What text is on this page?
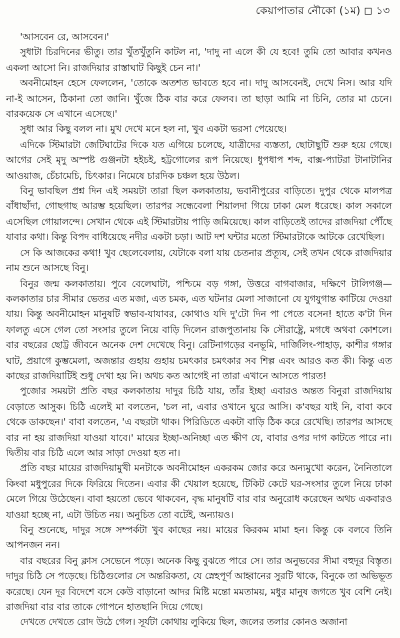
কেয়াপাতার নৌকো (১ম) ◻ ১৩

'আসবেন রে, আসবেন।'

সুধাটা চিরদিনের ভীতু। তার খুঁতখুঁতুনি কাটল না, 'দাদু না এলে কী যে হবে! তুমি তো আবার কখনও একলা আসো নি। রাজদিয়ার রাস্তাঘাট কিছুই চেন না।'

অবনীমোহন হেসে ফেললেন, 'তোকে অতশত ভাবতে হবে না। দাদু আসবেনই, দেখে নিস। আর যদি না-ই আসেন, ঠিকানা তো জানি। খুঁজে ঠিক বার করে ফেলব। তা ছাড়া আমি না চিনি, তোর মা চেনে। বারকয়েক সে এখানে এসেছে।'

সুধা আর কিছু বলল না। মুখ দেখে মনে হল না, খুব একটা ভরসা পেয়েছে।

এদিকে স্টিমারটা জেটিঘাটের দিকে যত এগিয়ে চলেছে, যাত্রীদের ব্যস্ততা, ছোটাছুটি শুরু হয়ে গেছে। আগের সেই মৃদু অস্পষ্ট গুঞ্জনটা হইচই, হট্টগোলের রূপ নিয়েছে। ধুপধাপ শব্দ, বাক্স-প্যাটরা টানাটানির আওয়াজ, চেঁচামেচি, চিৎকার। নিমেষে চারদিক চঞ্চল হয়ে উঠল।

বিনু ভাবছিল প্রশ্ন দিন এই সময়টা তারা ছিল কলকাতায়, ভবানীপুরের বাড়িতে। দুপুর থেকে মালপত্র বাঁধাছাঁদা, গোছগাছ আরম্ভ হয়েছিল। তারপর সন্ধেবেলা শিয়ালদা গিয়ে ঢাকা মেল ধরেছে। কাল সকালে এসেছিল গোয়ালন্দে। সেখান থেকে এই স্টিমারটায় পাড়ি জমিয়েছে। কাল বাড়িতেই তাদের রাজদিয়া পৌঁছে যাবার কথা। কিন্তু বিপদ বাধিয়েছে নদীর একটা চড়া। আট দশ ঘন্টার মতো স্টিমারটাকে আটকে রেখেছিল।

সে কি আজকের কথা! খুব ছেলেবেলায়, যেটাকে বলা যায় চেতনার প্রত্যূষ, সেই তখন থেকে রাজদিয়ার নাম শুনে আসছে বিনু।

বিনুর জন্ম কলকাতায়। পুবে বেলেঘাটা, পশ্চিমে বড় গঙ্গা, উত্তরে বাগবাজার, দক্ষিণে টালিগঞ্জ— কলকাতার চার সীমার ভেতর এত মজা, এত চমক, এত ঘটনার মেলা সাজানো যে যুগযুগান্ত কাটিয়ে দেওয়া যায়। কিন্তু অবনীমোহন মানুষটি স্বভাব-যাযাবর, কোথাও যদি দু'টো দিন পা পেতে বসেন! হাতে ক'টা দিন ফালতু এসে গেল তো সংসার তুলে নিয়ে বাড়ি দিলেন রাজপুতানায় কি সৌরাষ্ট্রে, মগধে অথবা কোশলে। বার বছরের ছোট্ট জীবনে অনেক দেশ দেখেছে বিনু। রেটিনাগড়ের বনভূমি, দার্জিলিং-পাহাড়, কাশীর গঙ্গার ঘাট, প্রয়াগে কুম্ভমেলা, অজন্তার গুহায় গুহায় চমৎকার চমৎকার সব শিল্প এবং আরও কত কী। কিন্তু এত কাছের রাজদিয়াটিই শুধু দেখা হয় নি। অথচ কত আগেই না তারা এখানে আসতে পারত!

পুজোর সময়টা প্রতি বছর কলকাতায় দাদুর চিঠি যায়, তাঁর ইচ্ছা এবারও অন্তত বিনুরা রাজদিয়ায় বেড়াতে আসুক। চিঠি এলেই মা বলতেন, 'চল না, এবার ওখানে ঘুরে আসি। ক'বছর যাই নি, বাবা কবে থেকে ডাকছেন।' বাবা বলতেন, 'এ বছরটা থাক। পিরিডিতে একটা বাড়ি ঠিক করে রেখেছি। তারপর আসছে বার না হয় রাজদিয়া যাওয়া যাবে।' মায়ের ইচ্ছা-অনিচ্ছা এত ক্ষীণ যে, বাবার ওপর দাগ কাটতে পারে না। দ্বিতীয় বার চিঠি এলে আর সাড়া দেওয়া হত না।

প্রতি বছর মায়ের রাজদিয়ামুখী মনটাকে অবনীমোহন একরকম জোর করে অন্যমুখো করেন, নৈনিতালে কিংবা মধুপুরের দিকে ফিরিয়ে দিতেন। এবার কী খেয়াল হয়েছে, টিকিট কেটে ঘর-সংসার তুলে নিয়ে ঢাকা মেলে গিয়ে উঠেছেন। বাবা হয়তো ভেবে থাকবেন, বৃদ্ধ মানুষটি বার বার অনুরোধ করেছেন অথচ একবারও যাওয়া হচ্ছে না, এটা উচিত নয়। অনুচিত তো বটেই, অন্যায়ও।

বিনু শুনেছে, দাদুর সঙ্গে সম্পর্কটা খুব কাছের নয়। মায়ের কিরকম মামা হন। কিন্তু কে বলবে তিনি আপনজন নন।

বার বছরের বিনু ক্লাস সেভেনে পড়ে। অনেক কিছু বুঝতে পারে সে। তার অনুভবের সীমা বহুদূর বিস্তৃত। দাদুর চিঠি সে পড়েছে। চিঠিগুলোর সে অন্তরিকতা, যে স্নেহপূর্ণ আহ্বানের সুরটি থাকে, বিনুকে তা অভিভূত করেছে। যেন দূর বিদেশে বসে কেউ বাড়ানো আদর মিষ্টি মন্তো মমতাময়, মধুর মানুষ জগতে খুব বেশি নেই। রাজদিয়া বার বার তাকে গোপনে হাতছানি দিয়ে গেছে।

দেখতে দেখতে রোদ উঠে গেল। সূর্যটা কোথায় লুকিয়ে ছিল, জলের তলার কোনও অজানা
